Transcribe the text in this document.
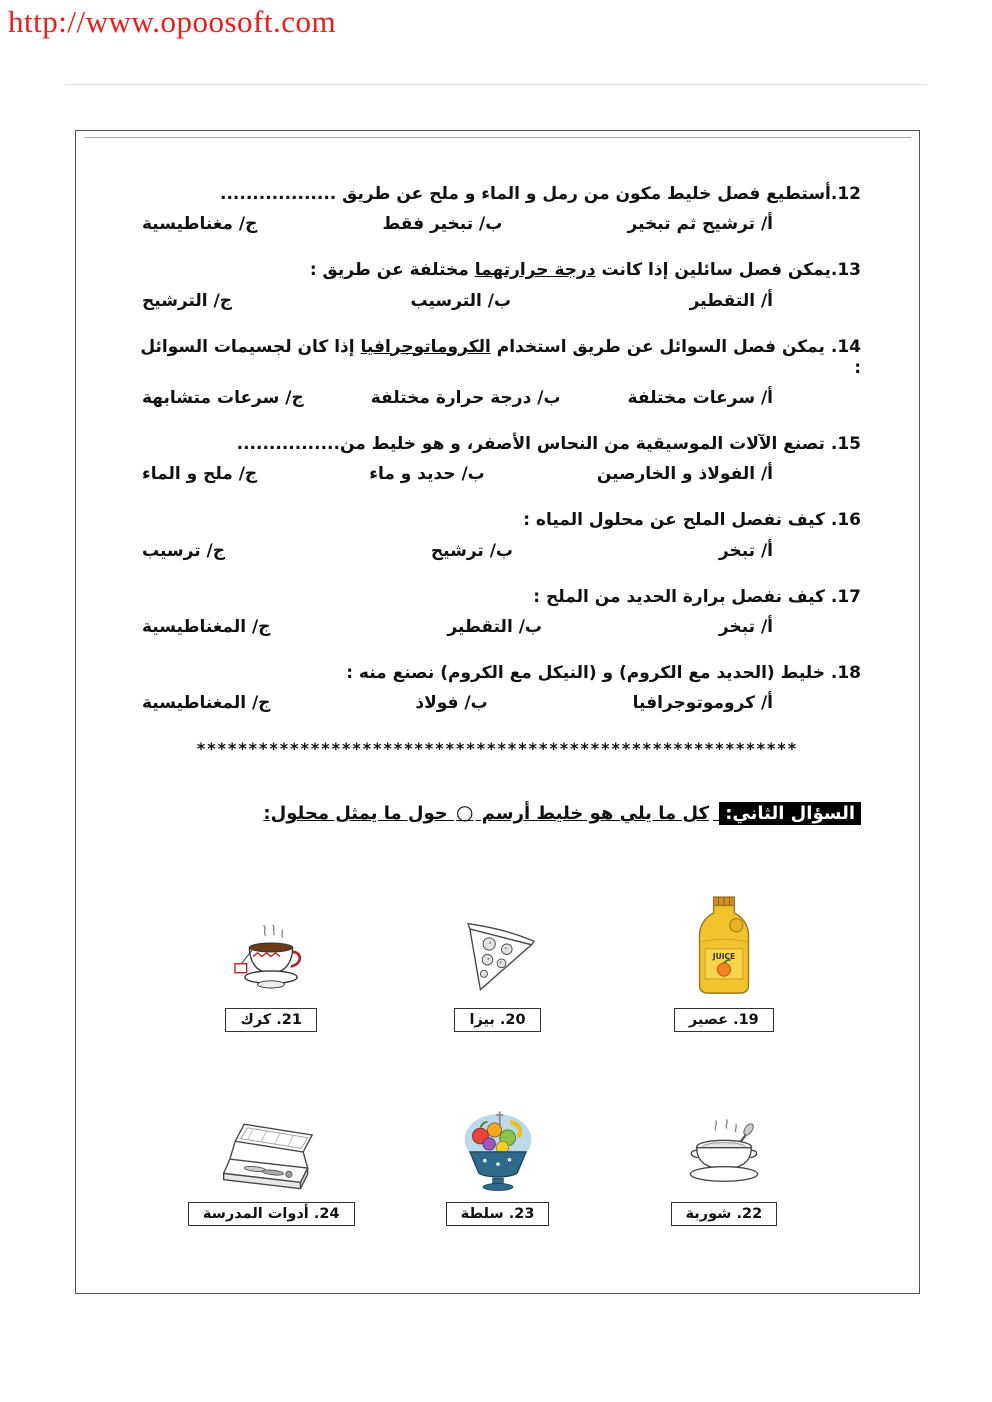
http://www.opoosoft.com
12.أستطيع فصل خليط مكون من رمل و الماء و ملح عن طريق ..................
أ/ ترشيح ثم تبخير
ب/ تبخير فقط
ج/ مغناطيسية
13.يمكن فصل سائلين إذا كانت درجة حرارتهما مختلفة عن طريق :
أ/ التقطير
ب/ الترسيب
ج/ الترشيح
14. يمكن فصل السوائل عن طريق استخدام الكروماتوجرافيا إذا كان لجسيمات السوائل :
أ/ سرعات مختلفة
ب/ درجة حرارة مختلفة
ج/ سرعات متشابهة
15. تصنع الآلات الموسيقية من النحاس الأصفر، و هو خليط من................
أ/ الفولاذ و الخارصين
ب/ حديد و ماء
ج/ ملح و الماء
16. كيف نفصل الملح عن محلول المياه :
أ/ تبخر
ب/ ترشيح
ج/ ترسيب
17. كيف نفصل برارة الحديد من الملح :
أ/ تبخر
ب/ التقطير
ج/ المغناطيسية
18. خليط (الحديد مع الكروم) و (النيكل مع الكروم) نصنع منه :
أ/ كروموتوجرافيا
ب/ فولاذ
ج/ المغناطيسية
**********************************************************
السؤال الثاني: كل ما يلي هو خليط أرسم ○ حول ما يمثل محلول:
JUICE
19. عصير
20. بيزا
21. كرك
22. شوربة
23. سلطة
24. أدوات المدرسة
